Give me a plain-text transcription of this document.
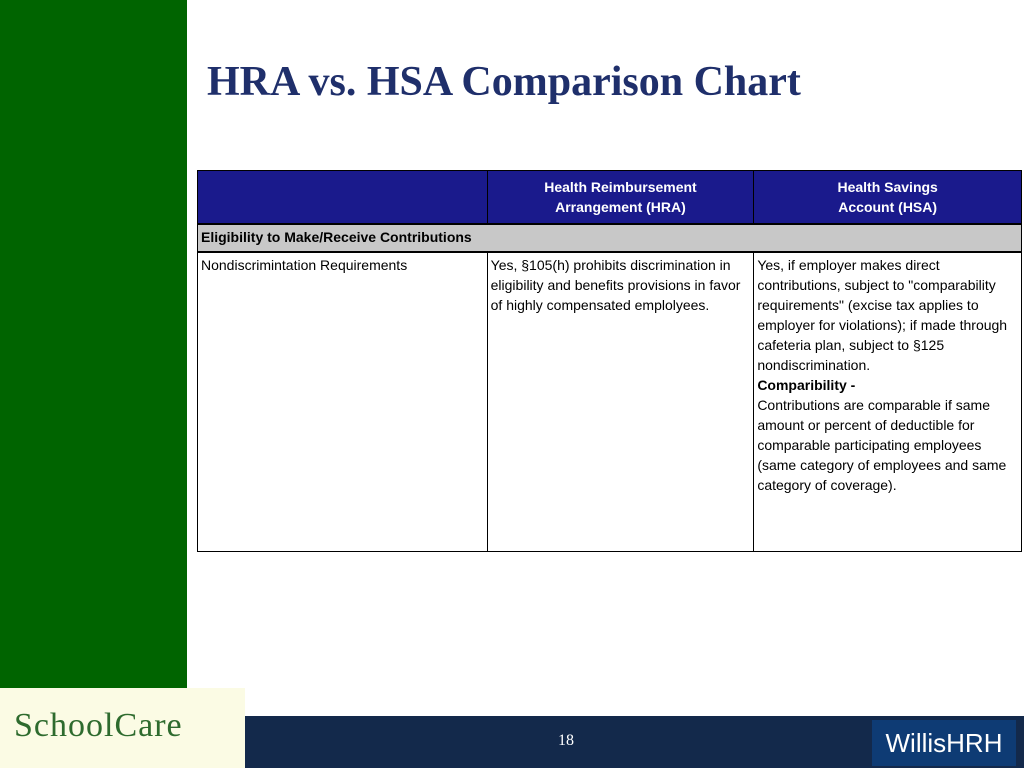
HRA vs. HSA Comparison Chart

	Health Reimbursement
Arrangement (HRA)	Health Savings
Account (HSA)

Eligibility to Make/Receive Contributions		
Nondiscrimintation Requirements	Yes, §105(h) prohibits discrimination in eligibility and benefits provisions in favor of highly compensated emplolyees.	Yes, if employer makes direct contributions, subject to "comparability requirements" (excise tax applies to employer for violations); if made through cafeteria plan, subject to §125 nondiscrimination.
Comparibility -
Contributions are comparable if same amount or percent of deductible for comparable participating employees (same category of employees and same category of coverage).
SchoolCare	18	WillisHRH
